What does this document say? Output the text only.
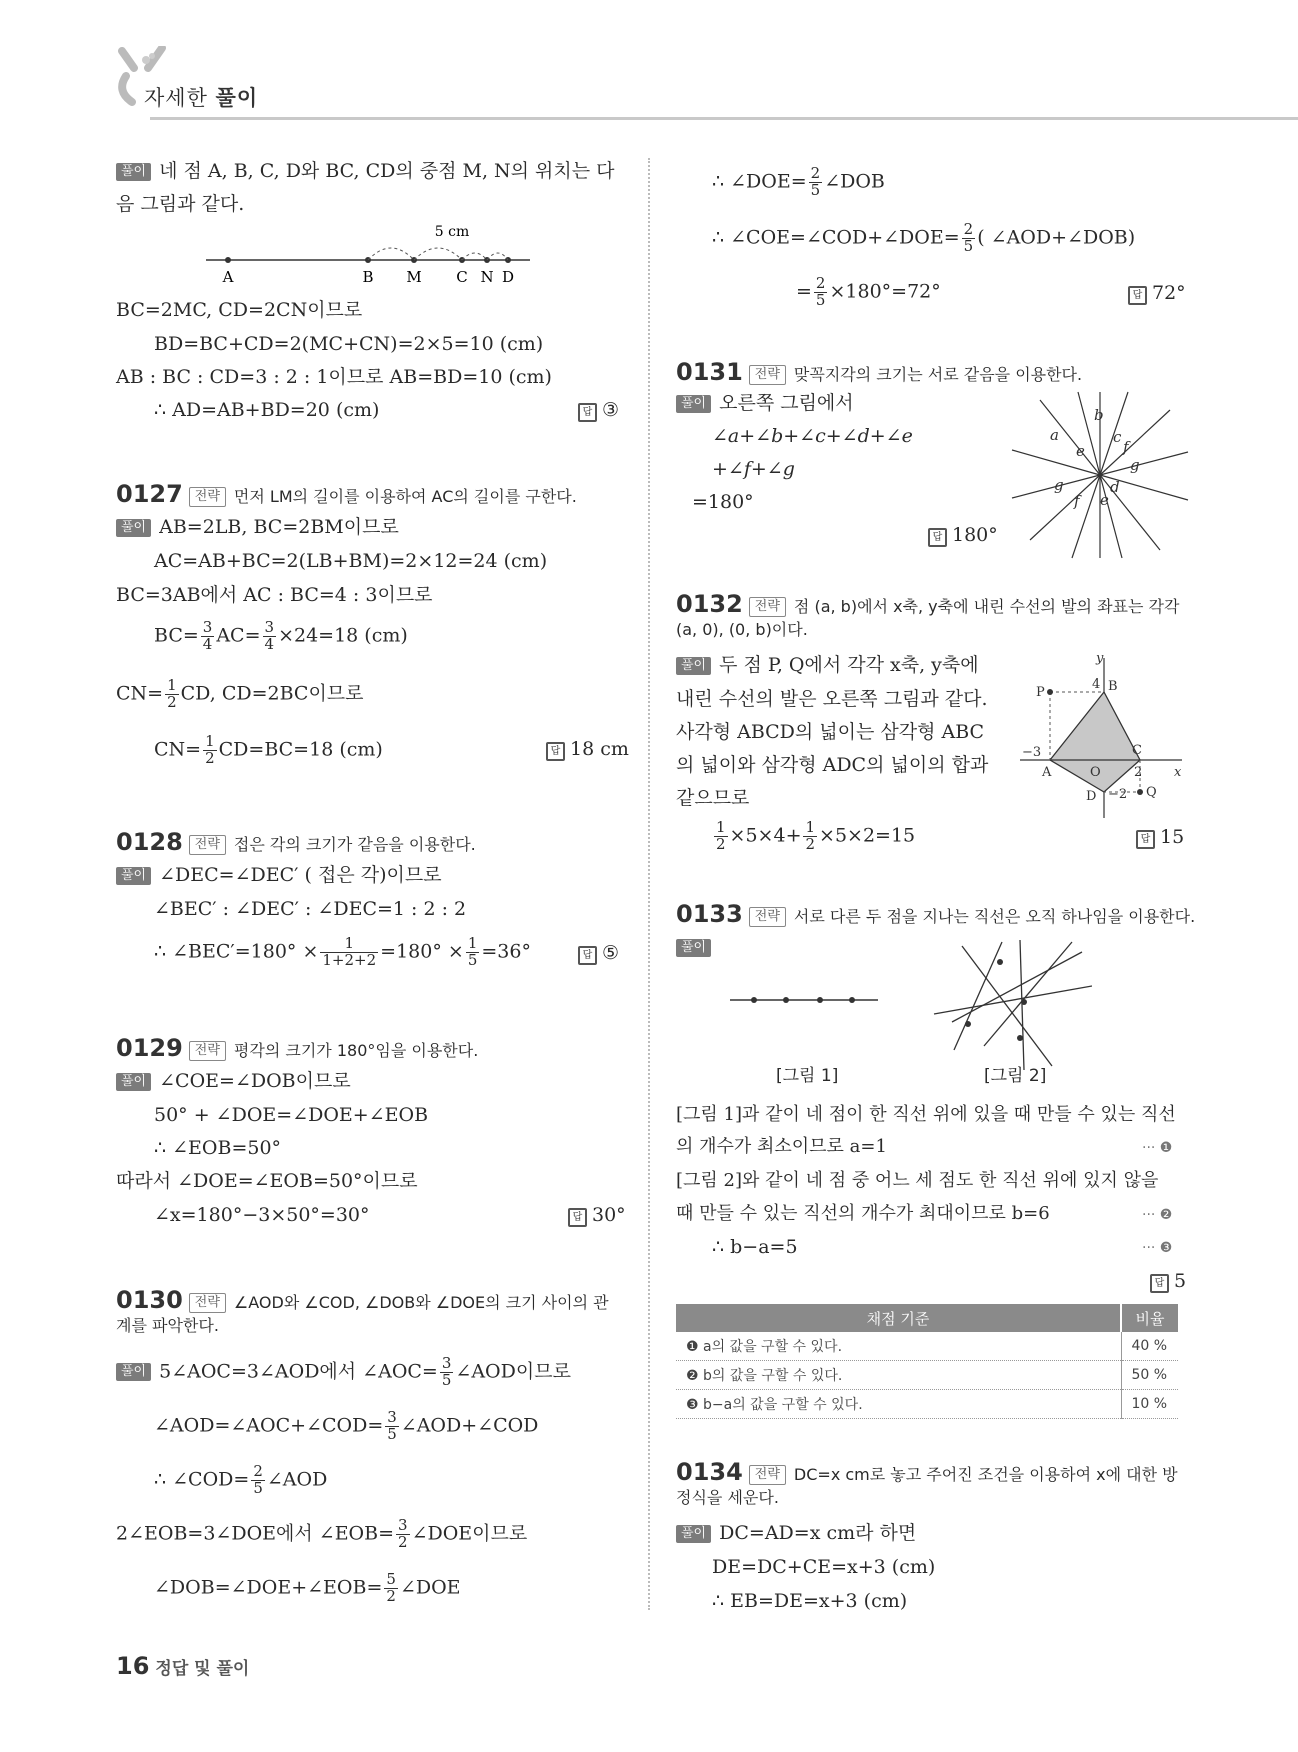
자세한 풀이
풀이 네 점 A, B, C, D와 BC, CD의 중점 M, N의 위치는 다
음 그림과 같다.
A	B M C N D
5 cm
BC=2MC, CD=2CN이므로
BD=BC+CD=2(MC+CN)=2×5=10 (cm)
AB : BC : CD=3 : 2 : 1이므로 AB=BD=10 (cm)
∴ AD=AB+BD=20 (cm)	답 ③
0127 전략 먼저 LM의 길이를 이용하여 AC의 길이를 구한다.
풀이 AB=2LB, BC=2BM이므로
AC=AB+BC=2(LB+BM)=2×12=24 (cm)
BC=3AB에서 AC : BC=4 : 3이므로
$BC= \frac{3}{4} AC= \frac{3}{4} \times 24=18$ (cm)
$CN= \frac{1}{2}$ CD, CD=2BC이므로
$CN= \frac{1}{2} CD=BC=18$ (cm)	답 18 cm
0128 전략 접은 각의 크기가 같음을 이용한다.
풀이 ∠DEC=∠DEC′ ( 접은 각)이므로
∠BEC′ : ∠DEC′ : ∠DEC=1 : 2 : 2
∴ ∠BEC′=180° × $\frac{1}{1+2+2} =180^\circ \times \frac{1}{5} =36^\circ$	답 ⑤
0129 전략 평각의 크기가 180°임을 이용한다.
풀이 ∠COE=∠DOB이므로
50° + ∠DOE=∠DOE+∠EOB
∴ ∠EOB=50°
따라서 ∠DOE=∠EOB=50°이므로
∠x=180°−3×50°=30°	답 30°
0130 전략 ∠AOD와 ∠COD, ∠DOB와 ∠DOE의 크기 사이의 관
계를 파악한다.
풀이 5∠AOC=3∠AOD에서 ∠AOC= $\frac{3}{5}$ ∠AOD이므로
∠AOD=∠AOC+∠COD= $\frac{3}{5}$ ∠AOD+∠COD
∴ ∠COD= $\frac{2}{5}$ ∠AOD
2∠EOB=3∠DOE에서 ∠EOB= $\frac{3}{2}$ ∠DOE이므로
∠DOB=∠DOE+∠EOB= $\frac{5}{2}$ ∠DOE
∴ ∠DOE= $\frac{2}{5}$ ∠DOB
∴ ∠COE=∠COD+∠DOE= $\frac{2}{5}$ ( ∠AOD+∠DOB)
= $\frac{2}{5} \times 180^\circ=72^\circ$	답 72°
0131 전략 맞꼭지각의 크기는 서로 같음을 이용한다.
풀이 오른쪽 그림에서
∠a+∠b+∠c+∠d+∠e
+∠f+∠g
=180°
답 180°
a
b
c
d
e	f
g
g
f e
0132 전략 점 (a, b)에서 x축, y축에 내린 수선의 발의 좌표는 각각
(a, 0), (0, b)이다.
풀이 두 점 P, Q에서 각각 x축, y축에
내린 수선의 발은 오른쪽 그림과 같다.
사각형 ABCD의 넓이는 삼각형 ABC
의 넓이와 삼각형 ADC의 넓이의 합과
같으므로
$\frac{1}{2} \times 5\times 4+ \frac{1}{2} \times 5\times 2=15$	답 15
y
x
P
Q
A
B
C
D
O
4
−3
2
−2
0133 전략 서로 다른 두 점을 지나는 직선은 오직 하나임을 이용한다.
풀이
[그림 1]	[그림 2]
[그림 1]과 같이 네 점이 한 직선 위에 있을 때 만들 수 있는 직선
의 개수가 최소이므로 a=1	··· ❶
[그림 2]와 같이 네 점 중 어느 세 점도 한 직선 위에 있지 않을
때 만들 수 있는 직선의 개수가 최대이므로 b=6	··· ❷
∴ b−a=5	··· ❸
답 5
채점 기준	비율
❶ a의 값을 구할 수 있다.	40 %
❷ b의 값을 구할 수 있다.	50 %
❸ b−a의 값을 구할 수 있다.	10 %
0134 전략 DC=x cm로 놓고 주어진 조건을 이용하여 x에 대한 방
정식을 세운다.
풀이 DC=AD=x cm라 하면
DE=DC+CE=x+3 (cm)
∴ EB=DE=x+3 (cm)
16 정답 및 풀이
